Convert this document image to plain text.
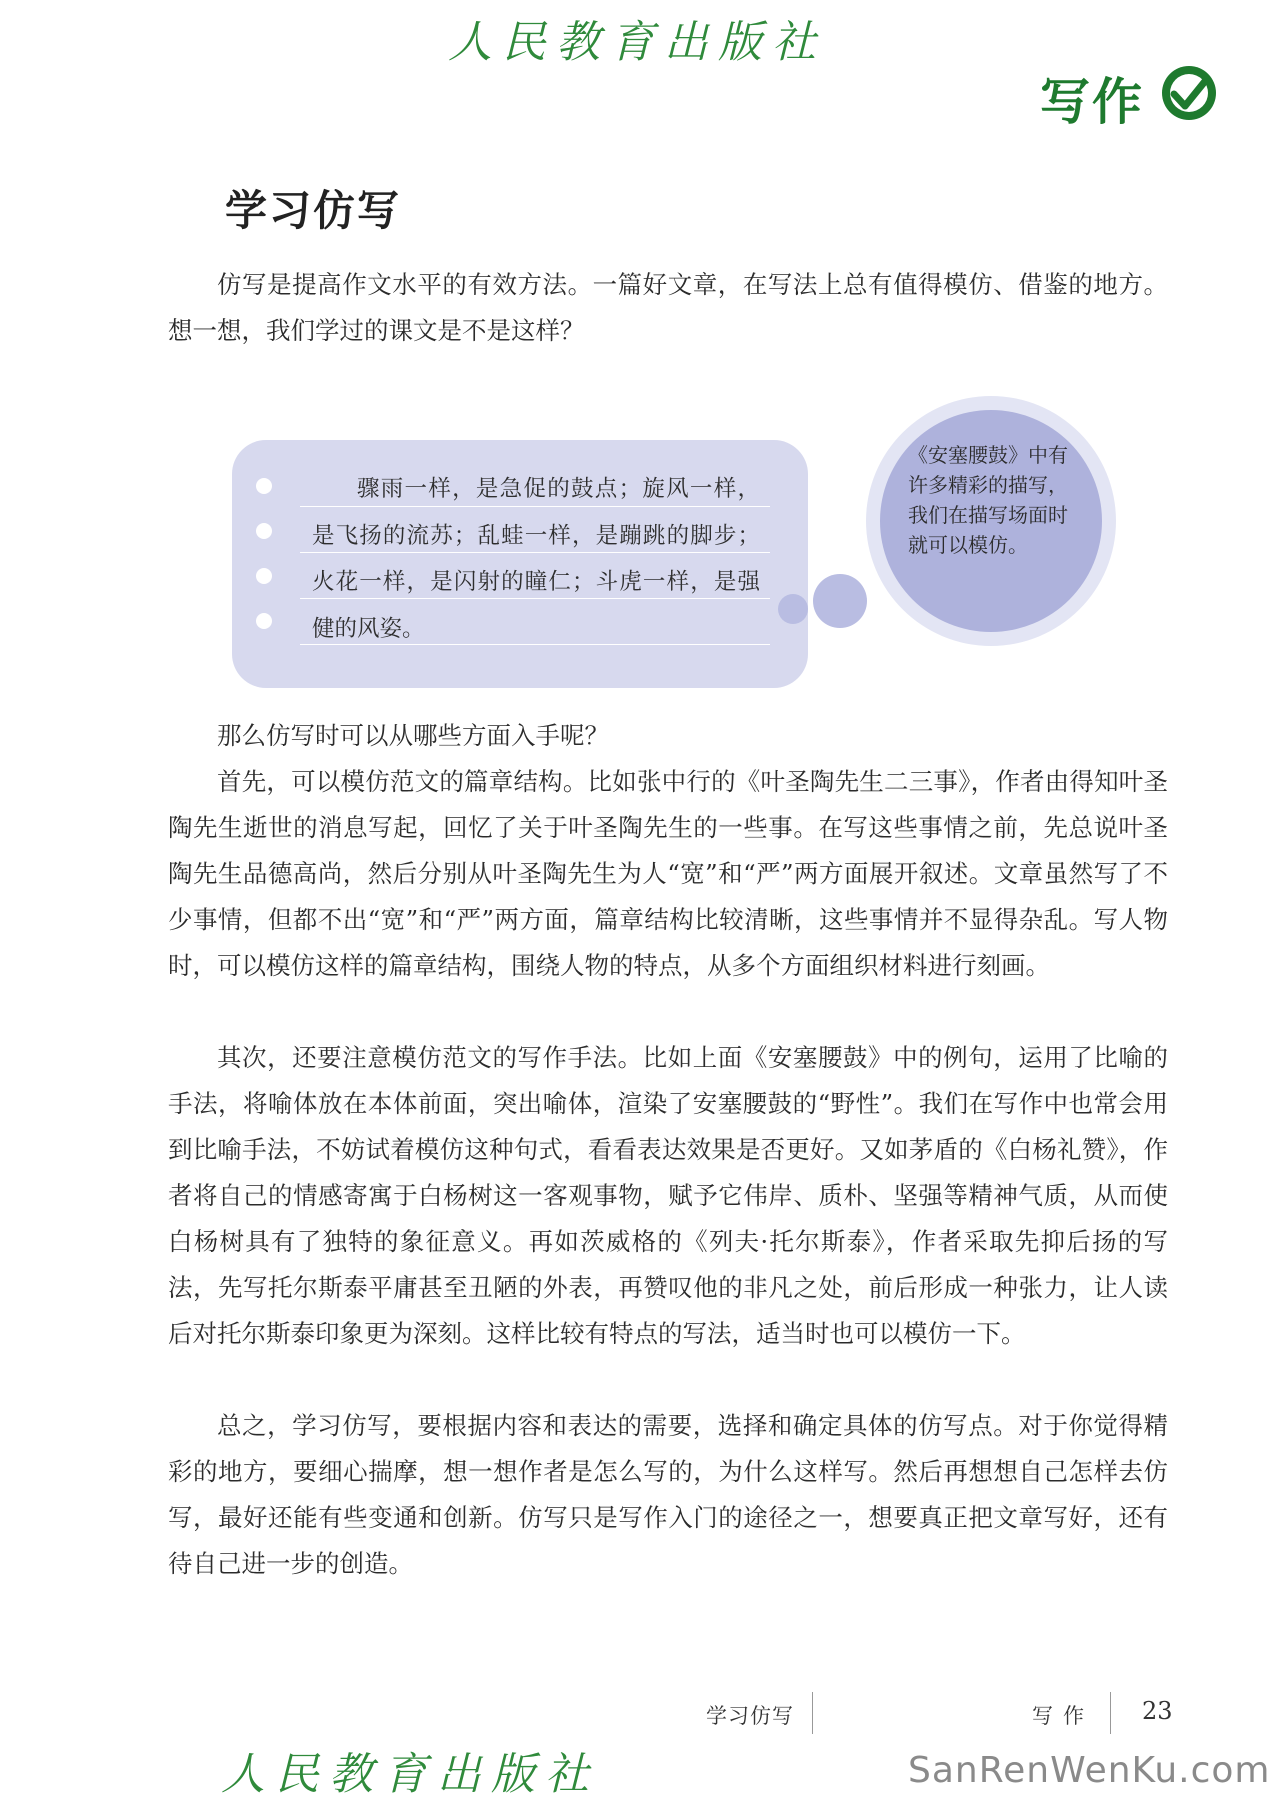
人民教育出版社
写作
学习仿写

仿写是提高作文水平的有效方法。一篇好文章，在写法上总有值得模仿、借鉴的地方。想一想，我们学过的课文是不是这样？

骤雨一样，是急促的鼓点；旋风一样，是飞扬的流苏；乱蛙一样，是蹦跳的脚步；火花一样，是闪射的瞳仁；斗虎一样，是强健的风姿。

《安塞腰鼓》中有许多精彩的描写，我们在描写场面时就可以模仿。

那么仿写时可以从哪些方面入手呢？

首先，可以模仿范文的篇章结构。比如张中行的《叶圣陶先生二三事》，作者由得知叶圣陶先生逝世的消息写起，回忆了关于叶圣陶先生的一些事。在写这些事情之前，先总说叶圣陶先生品德高尚，然后分别从叶圣陶先生为人“宽”和“严”两方面展开叙述。文章虽然写了不少事情，但都不出“宽”和“严”两方面，篇章结构比较清晰，这些事情并不显得杂乱。写人物时，可以模仿这样的篇章结构，围绕人物的特点，从多个方面组织材料进行刻画。

其次，还要注意模仿范文的写作手法。比如上面《安塞腰鼓》中的例句，运用了比喻的手法，将喻体放在本体前面，突出喻体，渲染了安塞腰鼓的“野性”。我们在写作中也常会用到比喻手法，不妨试着模仿这种句式，看看表达效果是否更好。又如茅盾的《白杨礼赞》，作者将自己的情感寄寓于白杨树这一客观事物，赋予它伟岸、质朴、坚强等精神气质，从而使白杨树具有了独特的象征意义。再如茨威格的《列夫·托尔斯泰》，作者采取先抑后扬的写法，先写托尔斯泰平庸甚至丑陋的外表，再赞叹他的非凡之处，前后形成一种张力，让人读后对托尔斯泰印象更为深刻。这样比较有特点的写法，适当时也可以模仿一下。

总之，学习仿写，要根据内容和表达的需要，选择和确定具体的仿写点。对于你觉得精彩的地方，要细心揣摩，想一想作者是怎么写的，为什么这样写。然后再想想自己怎样去仿写，最好还能有些变通和创新。仿写只是写作入门的途径之一，想要真正把文章写好，还有待自己进一步的创造。

学习仿写	写作 23
人民教育出版社	SanRenWenKu.com
